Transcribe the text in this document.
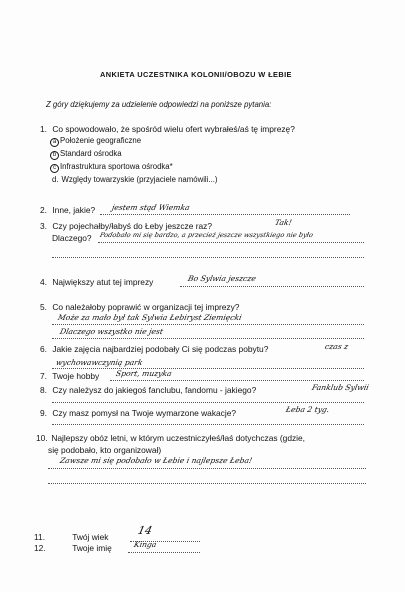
ANKIETA UCZESTNIKA KOLONII/OBOZU W ŁEBIE
Z góry dziękujemy za udzielenie odpowiedzi na poniższe pytania:
1. Co spowodowało, że spośród wielu ofert wybrałeś/aś tę imprezę?
a Położenie geograficzne
b Standard ośrodka
c Infrastruktura sportowa ośrodka*
d. Względy towarzyskie (przyjaciele namówili...)
2. Inne, jakie? jestem stąd Wiemka
3. Czy pojechałby/łabyś do Łeby jeszcze raz?	Tak!
Dlaczego? Podobało mi się bardzo, a przecież jeszcze wszystkiego nie było
4. Największy atut tej imprezy	Bo Sylwia jeszcze
5. Co należałoby poprawić w organizacji tej imprezy?
Może za mało był tak Sylwia Łebiryst Ziemięcki
Dlaczego wszystko nie jest
6. Jakie zajęcia najbardziej podobały Ci się podczas pobytu?	czas z
wychowawczynią park
7. Twoje hobby Sport, muzyka
8. Czy należysz do jakiegoś fanclubu, fandomu - jakiego?	Fanklub Sylwii
9. Czy masz pomysł na Twoje wymarzone wakacje?	Łeba 2 tyg.
10. Najlepszy obóz letni, w którym uczestniczyłeś/łaś dotychczas (gdzie,
się podobało, kto organizował)
Zawsze mi się podobało w Łebie i najlepsze Łeba!
11.	Twój wiek	14
12.	Twoje imię	Kinga
